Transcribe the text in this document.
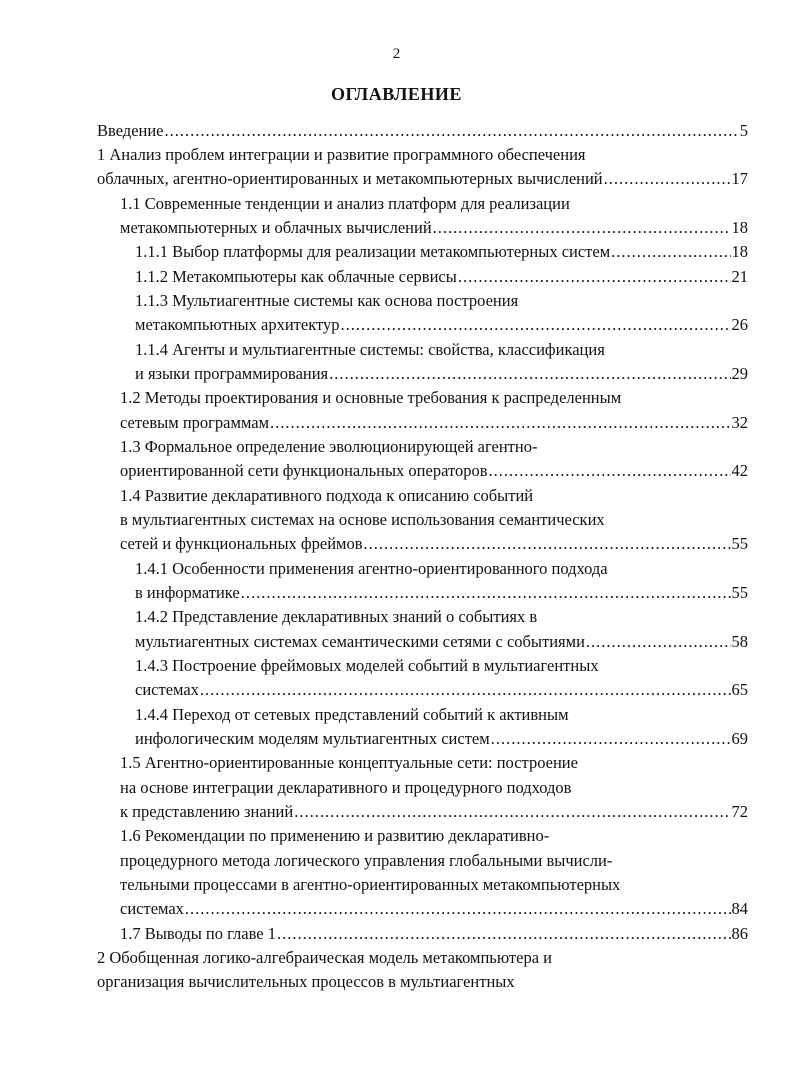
2
ОГЛАВЛЕНИЕ
Введение .....	5
1 Анализ проблем интеграции и развитие программного обеспечения
облачных, агентно-ориентированных и метакомпьютерных вычислений .....	17
1.1 Современные тенденции и анализ платформ для реализации
метакомпьютерных и облачных вычислений .....	18
1.1.1 Выбор платформы для реализации метакомпьютерных систем .....	18
1.1.2 Метакомпьютеры как облачные сервисы .....	21
1.1.3 Мультиагентные системы как основа построения
метакомпьютных архитектур .....	26
1.1.4 Агенты и мультиагентные системы: свойства, классификация
и языки программирования .....	29
1.2 Методы проектирования и основные требования к распределенным
сетевым программам .....	32
1.3 Формальное определение эволюционирующей агентно-
ориентированной сети функциональных операторов .....	42
1.4 Развитие декларативного подхода к описанию событий
в мультиагентных системах на основе использования семантических
сетей и функциональных фреймов .....	55
1.4.1 Особенности применения агентно-ориентированного подхода
в информатике .....	55
1.4.2 Представление декларативных знаний о событиях в
мультиагентных системах семантическими сетями с событиями .....	58
1.4.3 Построение фреймовых моделей событий в мультиагентных
системах .....	65
1.4.4 Переход от сетевых представлений событий к активным
инфологическим моделям мультиагентных систем .....	69
1.5 Агентно-ориентированные концептуальные сети: построение
на основе интеграции декларативного и процедурного подходов
к представлению знаний .....	72
1.6 Рекомендации по применению и развитию декларативно-
процедурного метода логического управления глобальными вычисли-
тельными процессами в агентно-ориентированных метакомпьютерных
системах .....	84
1.7 Выводы по главе 1 .....	86
2 Обобщенная логико-алгебраическая модель метакомпьютера и
организация вычислительных процессов в мультиагентных
